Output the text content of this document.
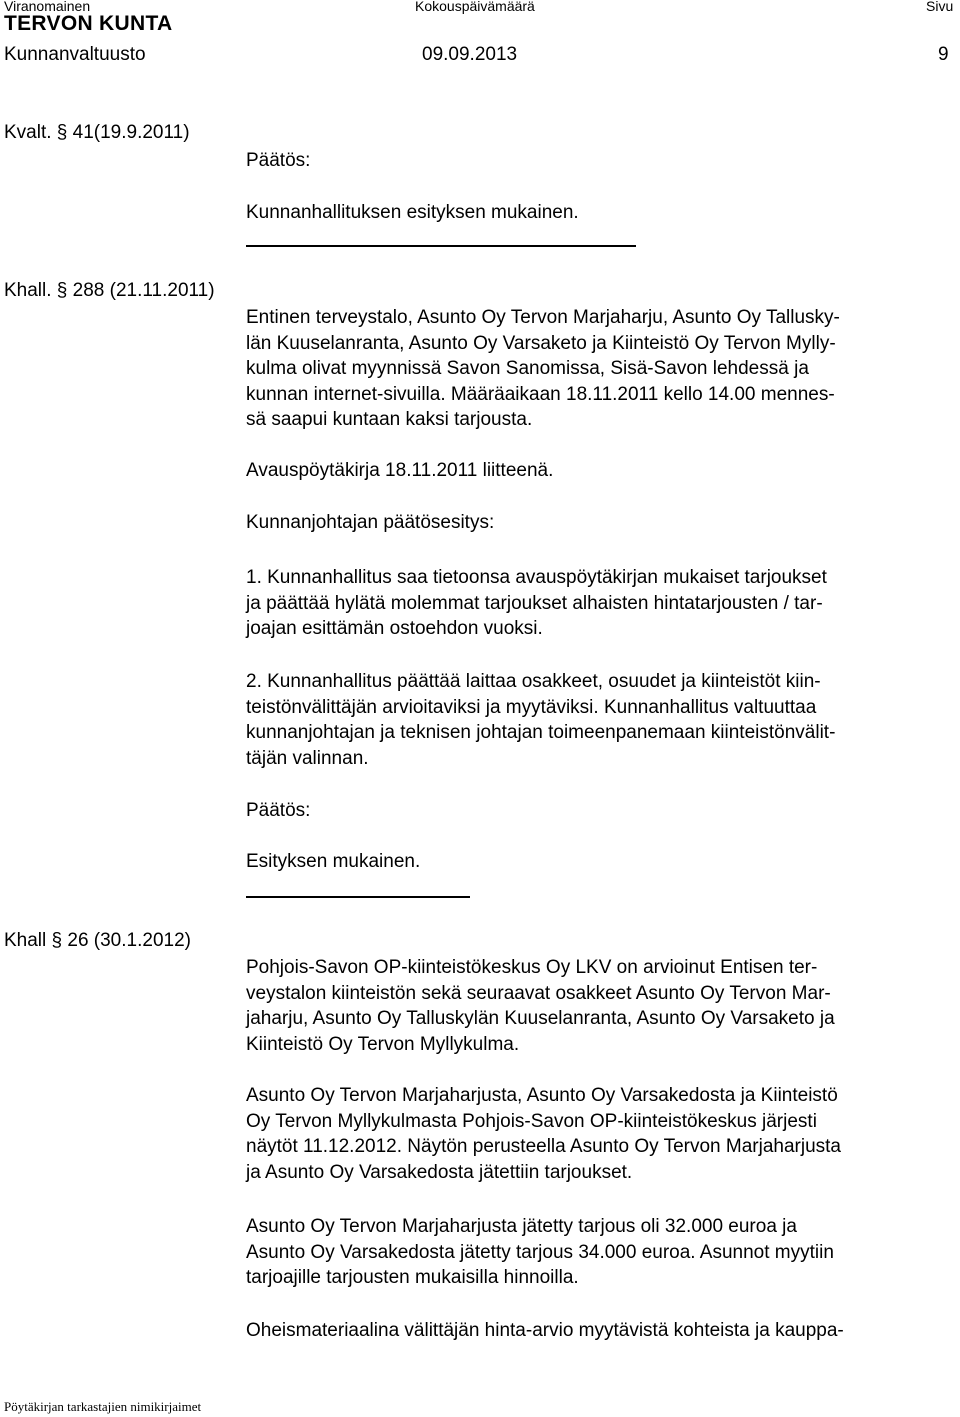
Viranomainen	Kokouspäivämäärä	Sivu
TERVON KUNTA
Kunnanvaltuusto	09.09.2013	9
Kvalt. § 41(19.9.2011)
Päätös:
Kunnanhallituksen esityksen mukainen.
Khall. § 288 (21.11.2011)
Entinen terveystalo, Asunto Oy Tervon Marjaharju, Asunto Oy Tallusky-
län Kuuselanranta, Asunto Oy Varsaketo ja Kiinteistö Oy Tervon Mylly-
kulma olivat myynnissä Savon Sanomissa, Sisä-Savon lehdessä ja
kunnan internet-sivuilla. Määräaikaan 18.11.2011 kello 14.00 mennes-
sä saapui kuntaan kaksi tarjousta.
Avauspöytäkirja 18.11.2011 liitteenä.
Kunnanjohtajan päätösesitys:
1. Kunnanhallitus saa tietoonsa avauspöytäkirjan mukaiset tarjoukset
ja päättää hylätä molemmat tarjoukset alhaisten hintatarjousten / tar-
joajan esittämän ostoehdon vuoksi.
2. Kunnanhallitus päättää laittaa osakkeet, osuudet ja kiinteistöt kiin-
teistönvälittäjän arvioitaviksi ja myytäviksi. Kunnanhallitus valtuuttaa
kunnanjohtajan ja teknisen johtajan toimeenpanemaan kiinteistönvälit-
täjän valinnan.
Päätös:
Esityksen mukainen.
Khall § 26 (30.1.2012)
Pohjois-Savon OP-kiinteistökeskus Oy LKV on arvioinut Entisen ter-
veystalon kiinteistön sekä seuraavat osakkeet Asunto Oy Tervon Mar-
jaharju, Asunto Oy Talluskylän Kuuselanranta, Asunto Oy Varsaketo ja
Kiinteistö Oy Tervon Myllykulma.
Asunto Oy Tervon Marjaharjusta, Asunto Oy Varsakedosta ja Kiinteistö
Oy Tervon Myllykulmasta Pohjois-Savon OP-kiinteistökeskus järjesti
näytöt 11.12.2012. Näytön perusteella Asunto Oy Tervon Marjaharjusta
ja Asunto Oy Varsakedosta jätettiin tarjoukset.
Asunto Oy Tervon Marjaharjusta jätetty tarjous oli 32.000 euroa ja
Asunto Oy Varsakedosta jätetty tarjous 34.000 euroa. Asunnot myytiin
tarjoajille tarjousten mukaisilla hinnoilla.
Oheismateriaalina välittäjän hinta-arvio myytävistä kohteista ja kauppa-
Pöytäkirjan tarkastajien nimikirjaimet
